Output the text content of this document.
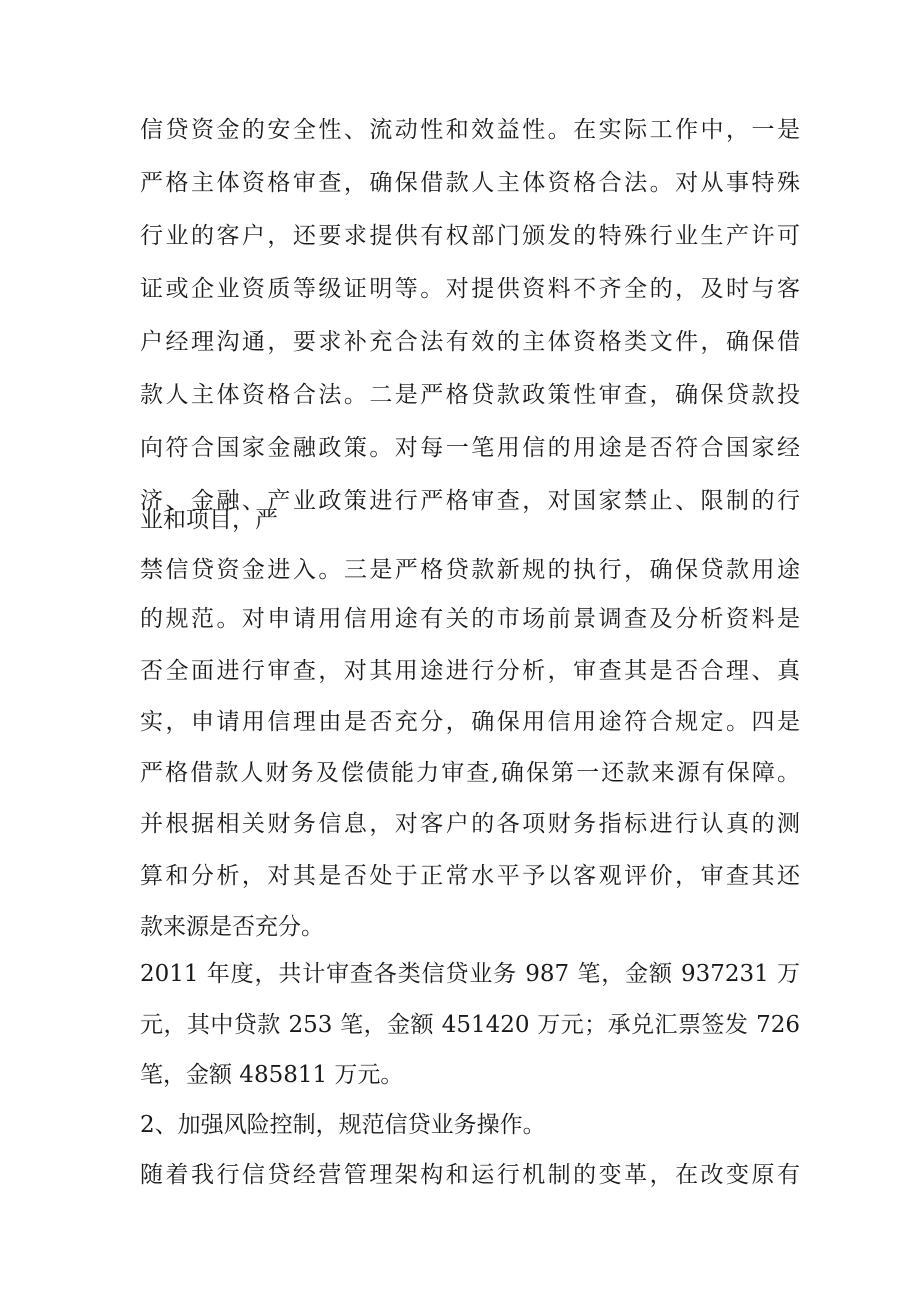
信贷资金的安全性、流动性和效益性。在实际工作中，一是
严格主体资格审查，确保借款人主体资格合法。对从事特殊
行业的客户，还要求提供有权部门颁发的特殊行业生产许可
证或企业资质等级证明等。对提供资料不齐全的，及时与客
户经理沟通，要求补充合法有效的主体资格类文件，确保借
款人主体资格合法。二是严格贷款政策性审查，确保贷款投
向符合国家金融政策。对每一笔用信的用途是否符合国家经
济、金融、产业政策进行严格审查，对国家禁止、限制的行
业和项目，严
禁信贷资金进入。三是严格贷款新规的执行，确保贷款用途
的规范。对申请用信用途有关的市场前景调查及分析资料是
否全面进行审查，对其用途进行分析，审查其是否合理、真
实，申请用信理由是否充分，确保用信用途符合规定。四是
严格借款人财务及偿债能力审查,确保第一还款来源有保障。
并根据相关财务信息，对客户的各项财务指标进行认真的测
算和分析，对其是否处于正常水平予以客观评价，审查其还
款来源是否充分。
2011 年度，共计审查各类信贷业务 987 笔，金额 937231 万
元，其中贷款 253 笔，金额 451420 万元；承兑汇票签发 726
笔，金额 485811 万元。
2、加强风险控制，规范信贷业务操作。
随着我行信贷经营管理架构和运行机制的变革，在改变原有
